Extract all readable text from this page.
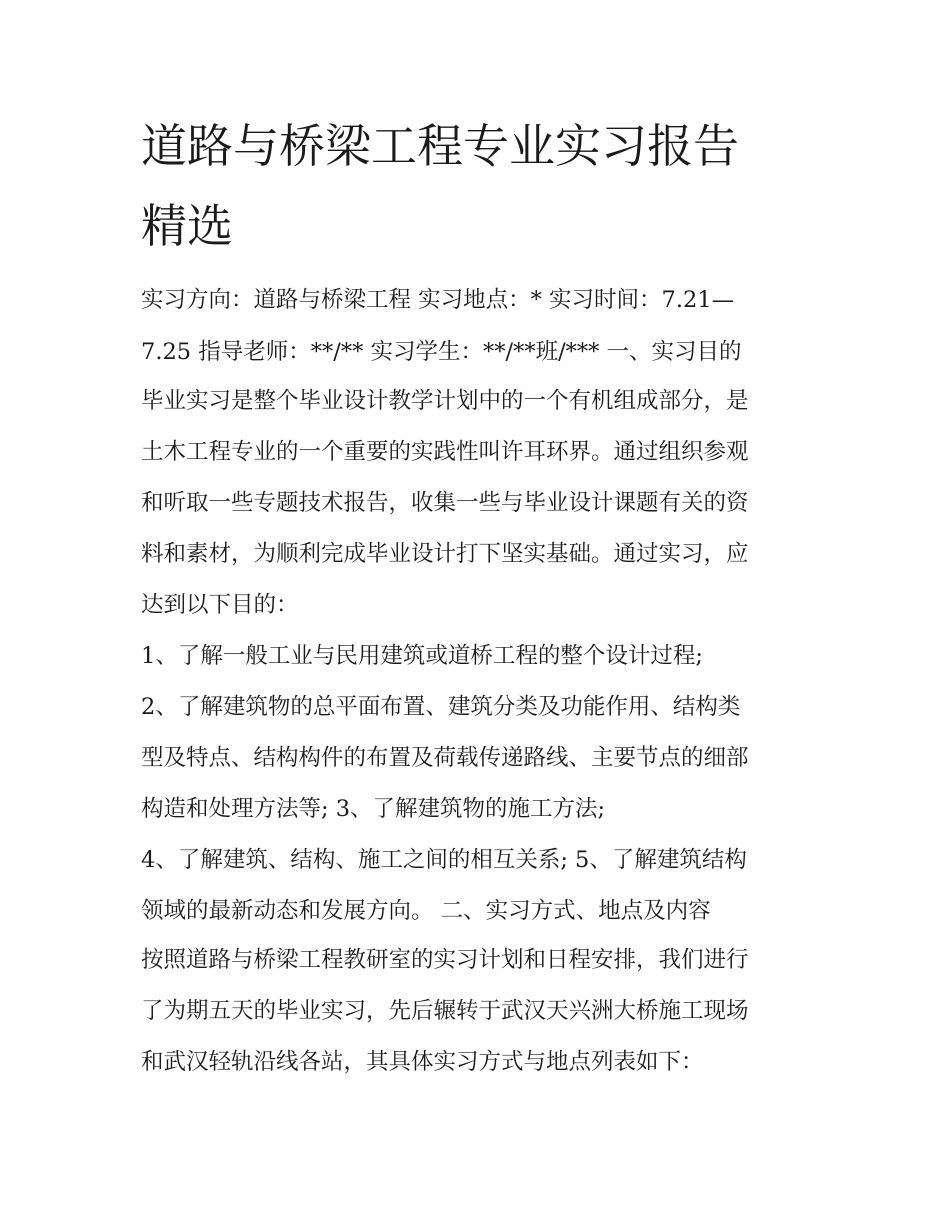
道路与桥梁工程专业实习报告
精选
实习方向：道路与桥梁工程 实习地点：* 实习时间：7.21—
7.25 指导老师：**/** 实习学生：**/**班/*** 一、实习目的
毕业实习是整个毕业设计教学计划中的一个有机组成部分，是
土木工程专业的一个重要的实践性叫许耳环界。通过组织参观
和听取一些专题技术报告，收集一些与毕业设计课题有关的资
料和素材，为顺利完成毕业设计打下坚实基础。通过实习，应
达到以下目的：
1、了解一般工业与民用建筑或道桥工程的整个设计过程;
2、了解建筑物的总平面布置、建筑分类及功能作用、结构类
型及特点、结构构件的布置及荷载传递路线、主要节点的细部
构造和处理方法等; 3、了解建筑物的施工方法;
4、了解建筑、结构、施工之间的相互关系; 5、了解建筑结构
领域的最新动态和发展方向。 二、实习方式、地点及内容
按照道路与桥梁工程教研室的实习计划和日程安排，我们进行
了为期五天的毕业实习，先后辗转于武汉天兴洲大桥施工现场
和武汉轻轨沿线各站，其具体实习方式与地点列表如下：
